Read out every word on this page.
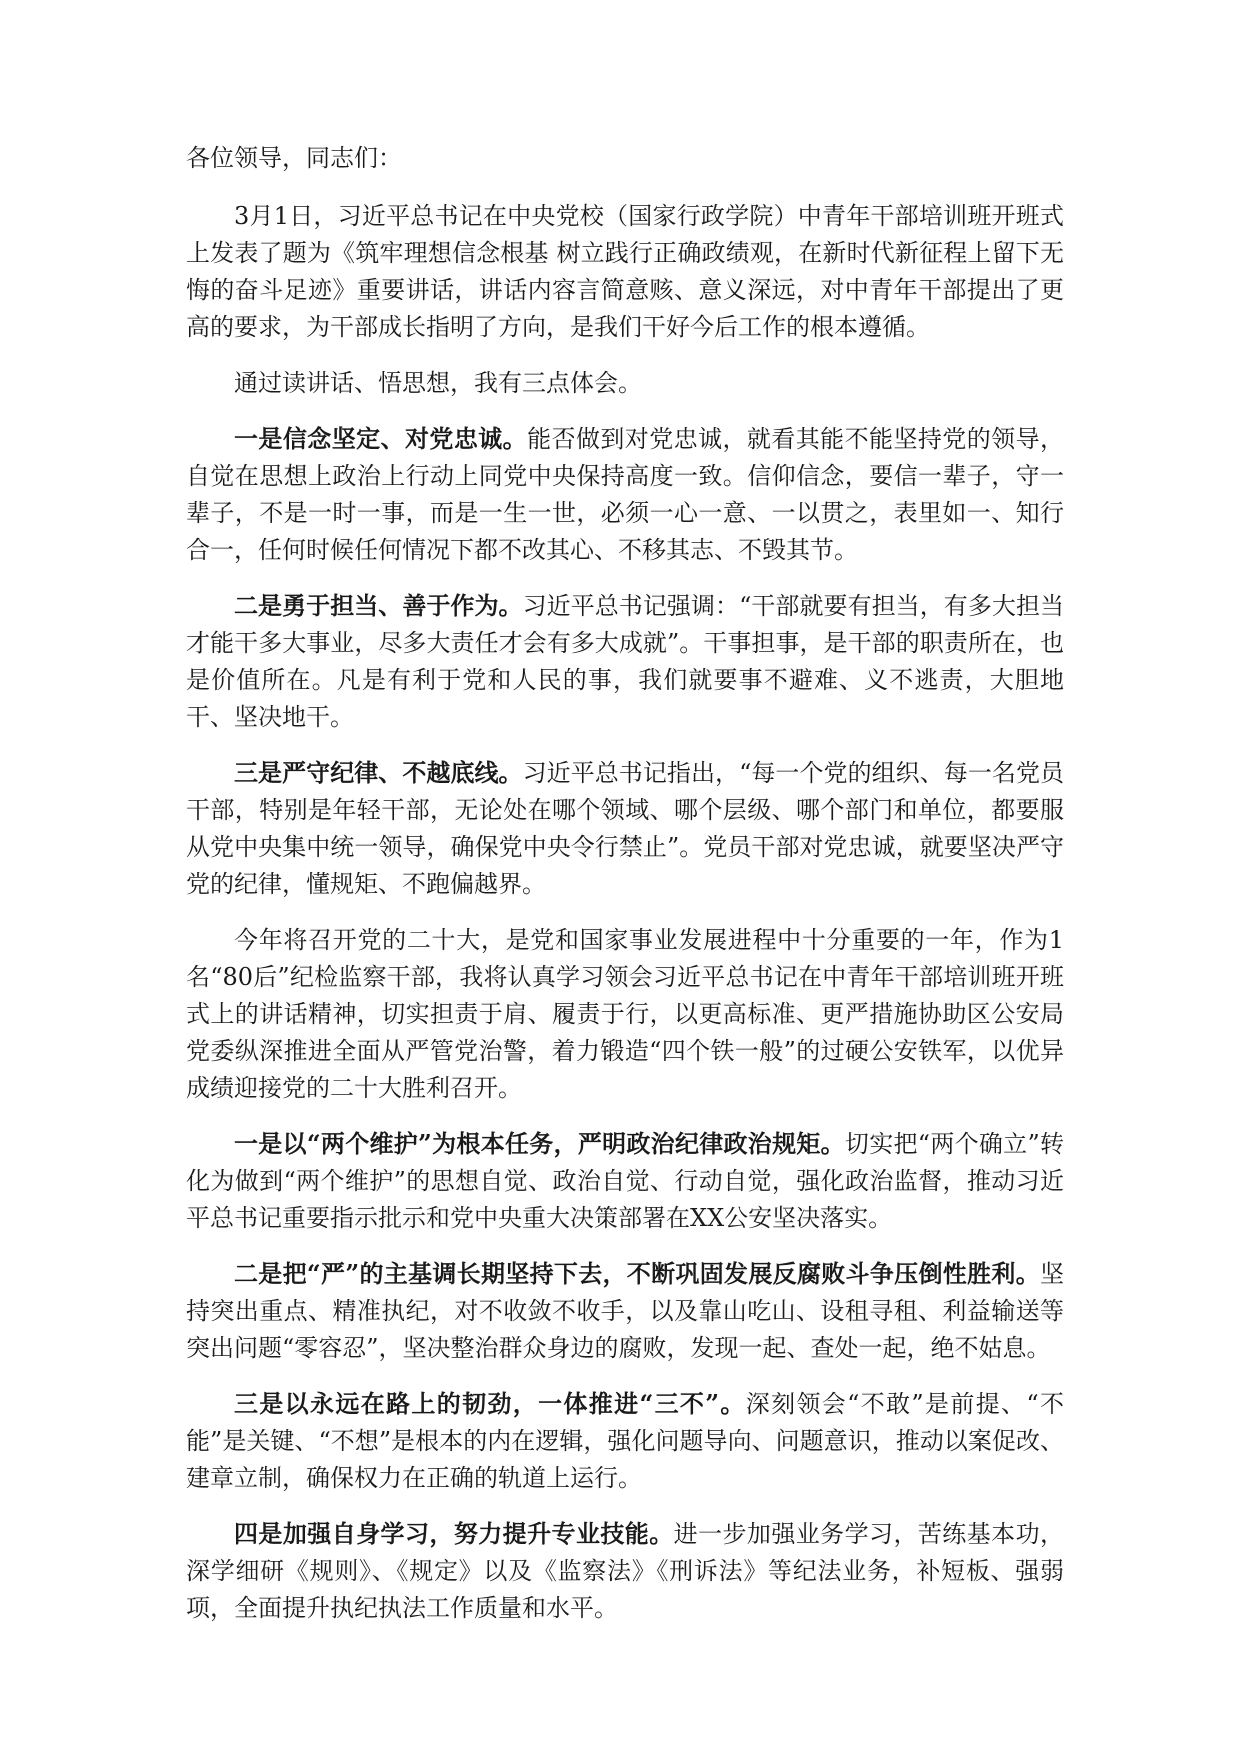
各位领导，同志们：

3月1日，习近平总书记在中央党校（国家行政学院）中青年干部培训班开班式上发表了题为《筑牢理想信念根基 树立践行正确政绩观，在新时代新征程上留下无悔的奋斗足迹》重要讲话，讲话内容言简意赅、意义深远，对中青年干部提出了更高的要求，为干部成长指明了方向，是我们干好今后工作的根本遵循。

通过读讲话、悟思想，我有三点体会。

一是信念坚定、对党忠诚。能否做到对党忠诚，就看其能不能坚持党的领导，自觉在思想上政治上行动上同党中央保持高度一致。信仰信念，要信一辈子，守一辈子，不是一时一事，而是一生一世，必须一心一意、一以贯之，表里如一、知行合一，任何时候任何情况下都不改其心、不移其志、不毁其节。

二是勇于担当、善于作为。习近平总书记强调：“干部就要有担当，有多大担当才能干多大事业，尽多大责任才会有多大成就”。干事担事，是干部的职责所在，也是价值所在。凡是有利于党和人民的事，我们就要事不避难、义不逃责，大胆地干、坚决地干。

三是严守纪律、不越底线。习近平总书记指出，“每一个党的组织、每一名党员干部，特别是年轻干部，无论处在哪个领域、哪个层级、哪个部门和单位，都要服从党中央集中统一领导，确保党中央令行禁止”。党员干部对党忠诚，就要坚决严守党的纪律，懂规矩、不跑偏越界。

今年将召开党的二十大，是党和国家事业发展进程中十分重要的一年，作为1名“80后”纪检监察干部，我将认真学习领会习近平总书记在中青年干部培训班开班式上的讲话精神，切实担责于肩、履责于行，以更高标准、更严措施协助区公安局党委纵深推进全面从严管党治警，着力锻造“四个铁一般”的过硬公安铁军，以优异成绩迎接党的二十大胜利召开。

一是以“两个维护”为根本任务，严明政治纪律政治规矩。切实把“两个确立”转化为做到“两个维护”的思想自觉、政治自觉、行动自觉，强化政治监督，推动习近平总书记重要指示批示和党中央重大决策部署在XX公安坚决落实。

二是把“严”的主基调长期坚持下去，不断巩固发展反腐败斗争压倒性胜利。坚持突出重点、精准执纪，对不收敛不收手，以及靠山吃山、设租寻租、利益输送等突出问题“零容忍”，坚决整治群众身边的腐败，发现一起、查处一起，绝不姑息。

三是以永远在路上的韧劲，一体推进“三不”。深刻领会“不敢”是前提、“不能”是关键、“不想”是根本的内在逻辑，强化问题导向、问题意识，推动以案促改、建章立制，确保权力在正确的轨道上运行。

四是加强自身学习，努力提升专业技能。进一步加强业务学习，苦练基本功，深学细研《规则》、《规定》以及《监察法》《刑诉法》等纪法业务，补短板、强弱项，全面提升执纪执法工作质量和水平。
